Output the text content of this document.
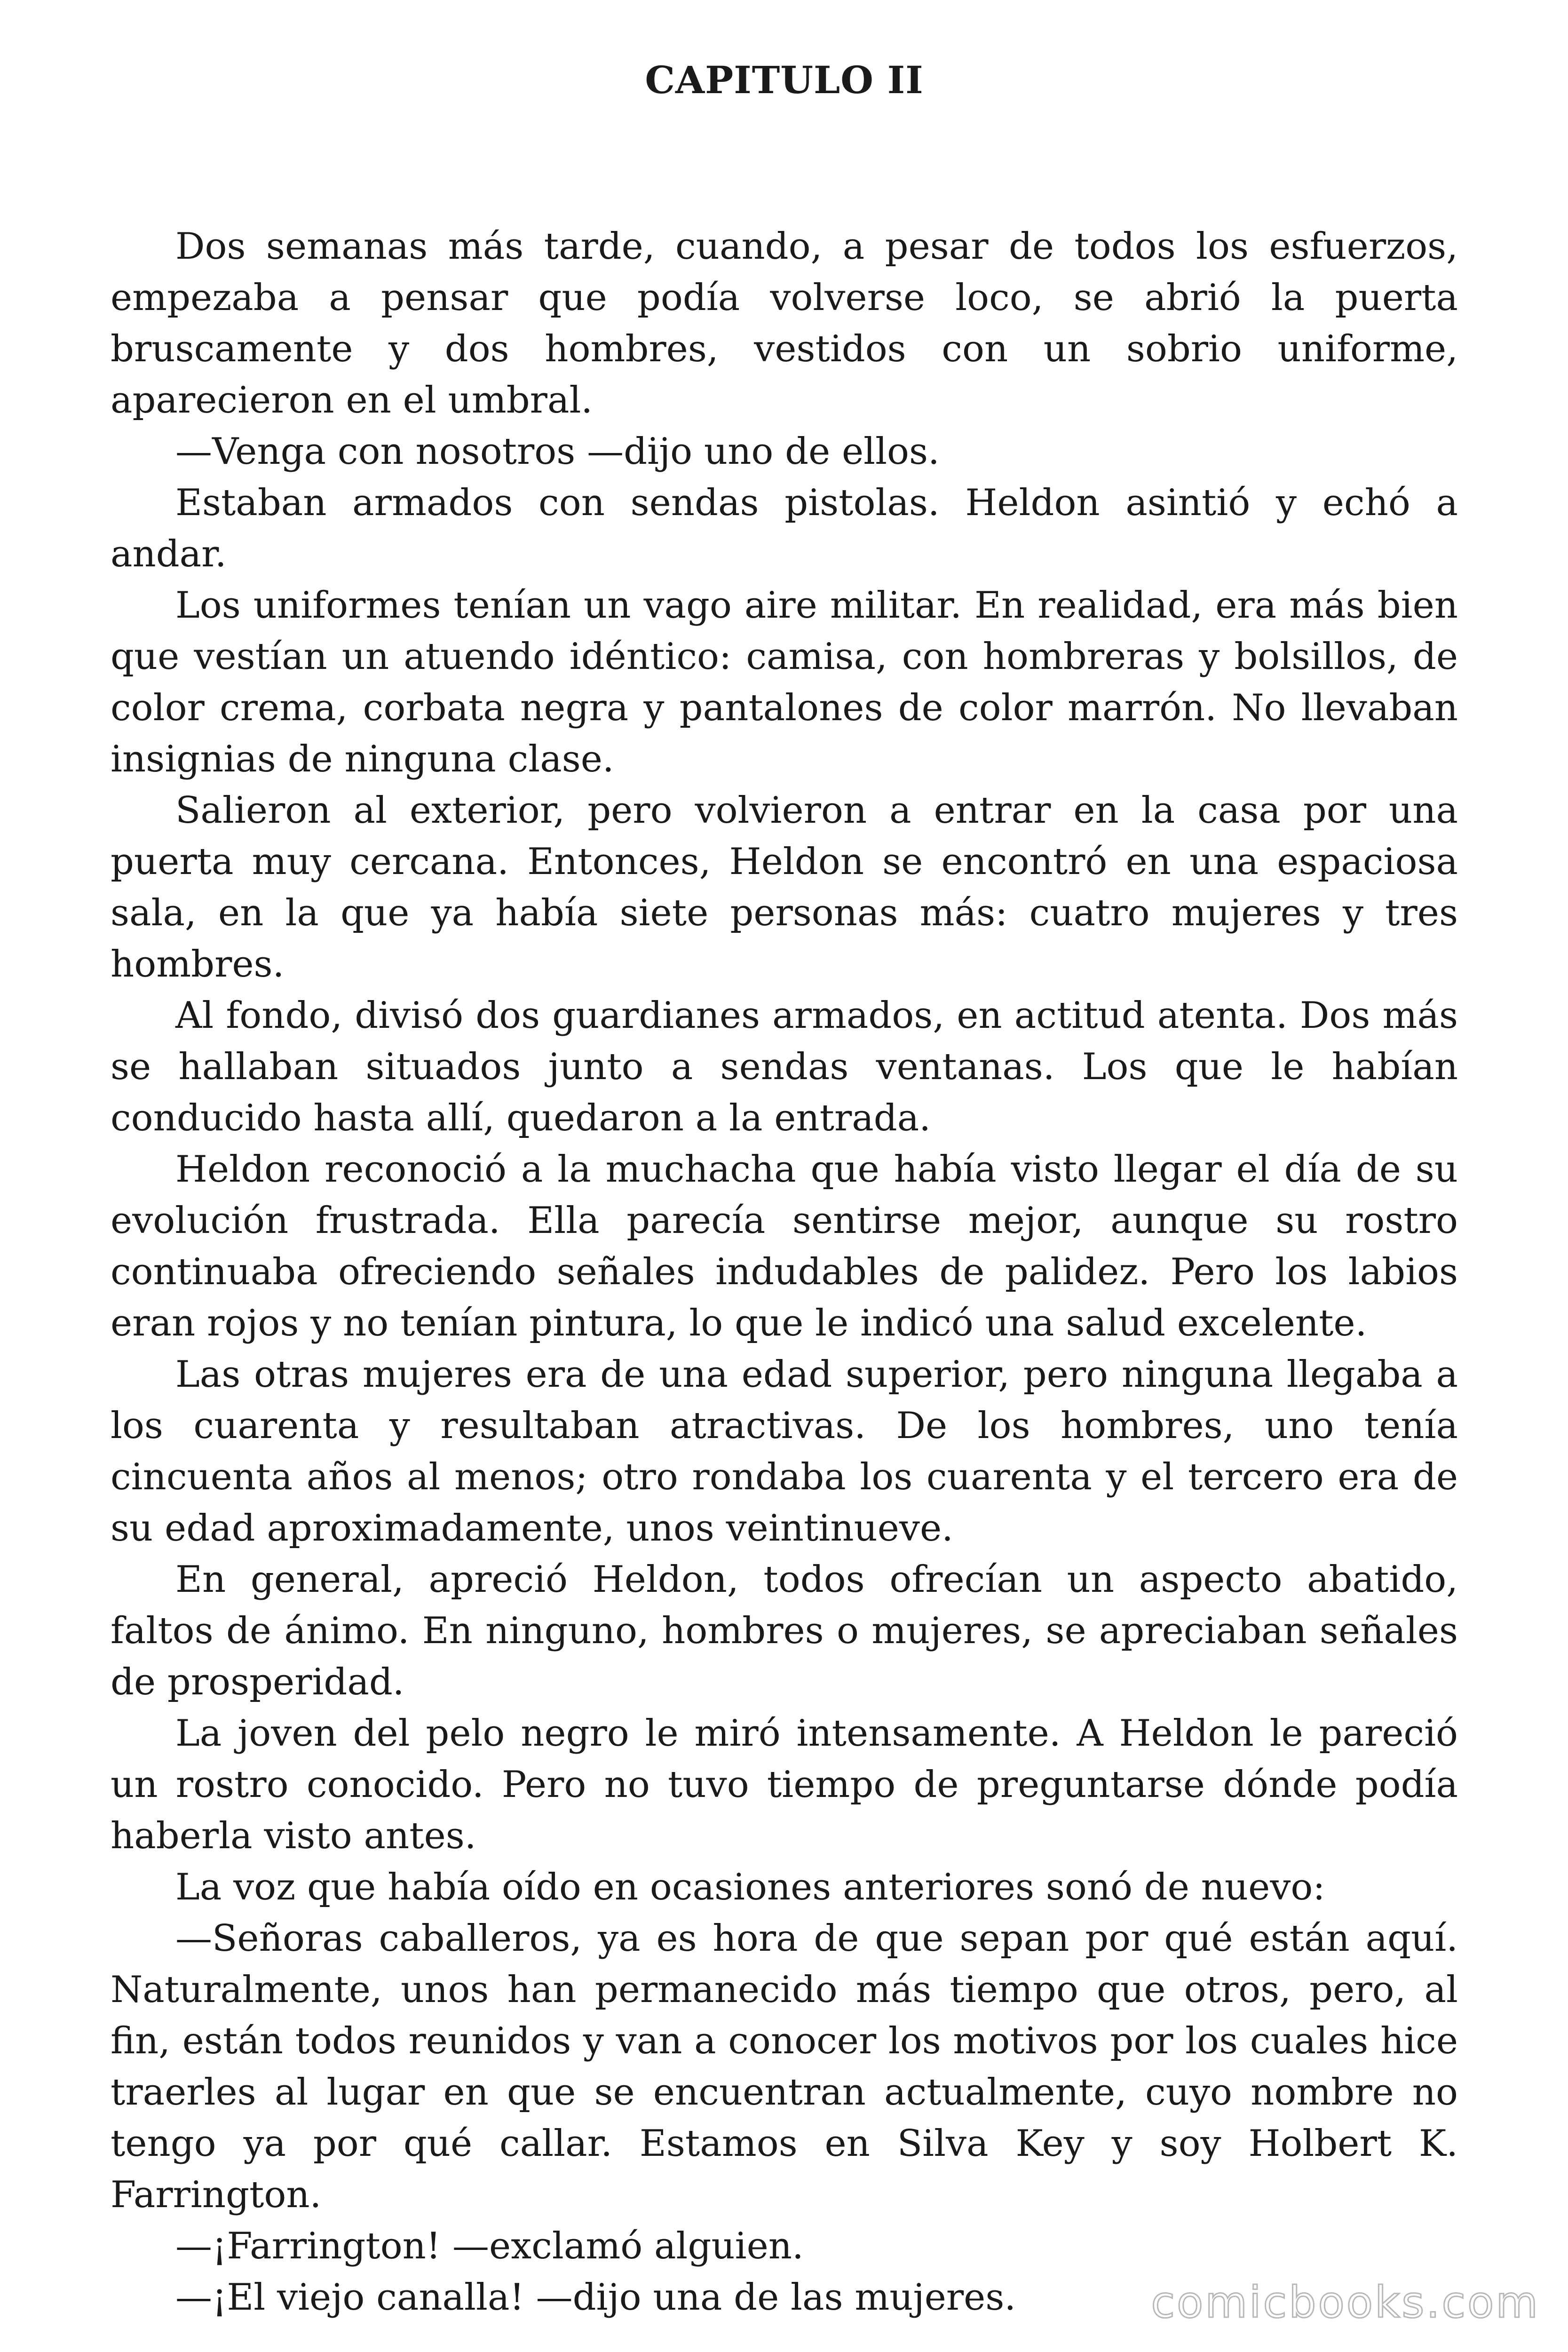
CAPITULO II

Dos semanas más tarde, cuando, a pesar de todos los esfuerzos, empezaba a pensar que podía volverse loco, se abrió la puerta bruscamente y dos hombres, vestidos con un sobrio uniforme, aparecieron en el umbral.

—Venga con nosotros —dijo uno de ellos.

Estaban armados con sendas pistolas. Heldon asintió y echó a andar.

Los uniformes tenían un vago aire militar. En realidad, era más bien que vestían un atuendo idéntico: camisa, con hombreras y bolsillos, de color crema, corbata negra y pantalones de color marrón. No llevaban insignias de ninguna clase.

Salieron al exterior, pero volvieron a entrar en la casa por una puerta muy cercana. Entonces, Heldon se encontró en una espaciosa sala, en la que ya había siete personas más: cuatro mujeres y tres hombres.

Al fondo, divisó dos guardianes armados, en actitud atenta. Dos más se hallaban situados junto a sendas ventanas. Los que le habían conducido hasta allí, quedaron a la entrada.

Heldon reconoció a la muchacha que había visto llegar el día de su evolución frustrada. Ella parecía sentirse mejor, aunque su rostro continuaba ofreciendo señales indudables de palidez. Pero los labios eran rojos y no tenían pintura, lo que le indicó una salud excelente.

Las otras mujeres era de una edad superior, pero ninguna llegaba a los cuarenta y resultaban atractivas. De los hombres, uno tenía cincuenta años al menos; otro rondaba los cuarenta y el tercero era de su edad aproximadamente, unos veintinueve.

En general, apreció Heldon, todos ofrecían un aspecto abatido, faltos de ánimo. En ninguno, hombres o mujeres, se apreciaban señales de prosperidad.

La joven del pelo negro le miró intensamente. A Heldon le pareció un rostro conocido. Pero no tuvo tiempo de preguntarse dónde podía haberla visto antes.

La voz que había oído en ocasiones anteriores sonó de nuevo:

—Señoras caballeros, ya es hora de que sepan por qué están aquí. Naturalmente, unos han permanecido más tiempo que otros, pero, al fin, están todos reunidos y van a conocer los motivos por los cuales hice traerles al lugar en que se encuentran actualmente, cuyo nombre no tengo ya por qué callar. Estamos en Silva Key y soy Holbert K. Farrington.

—¡Farrington! —exclamó alguien.

—¡El viejo canalla! —dijo una de las mujeres.	comicbooks.com
